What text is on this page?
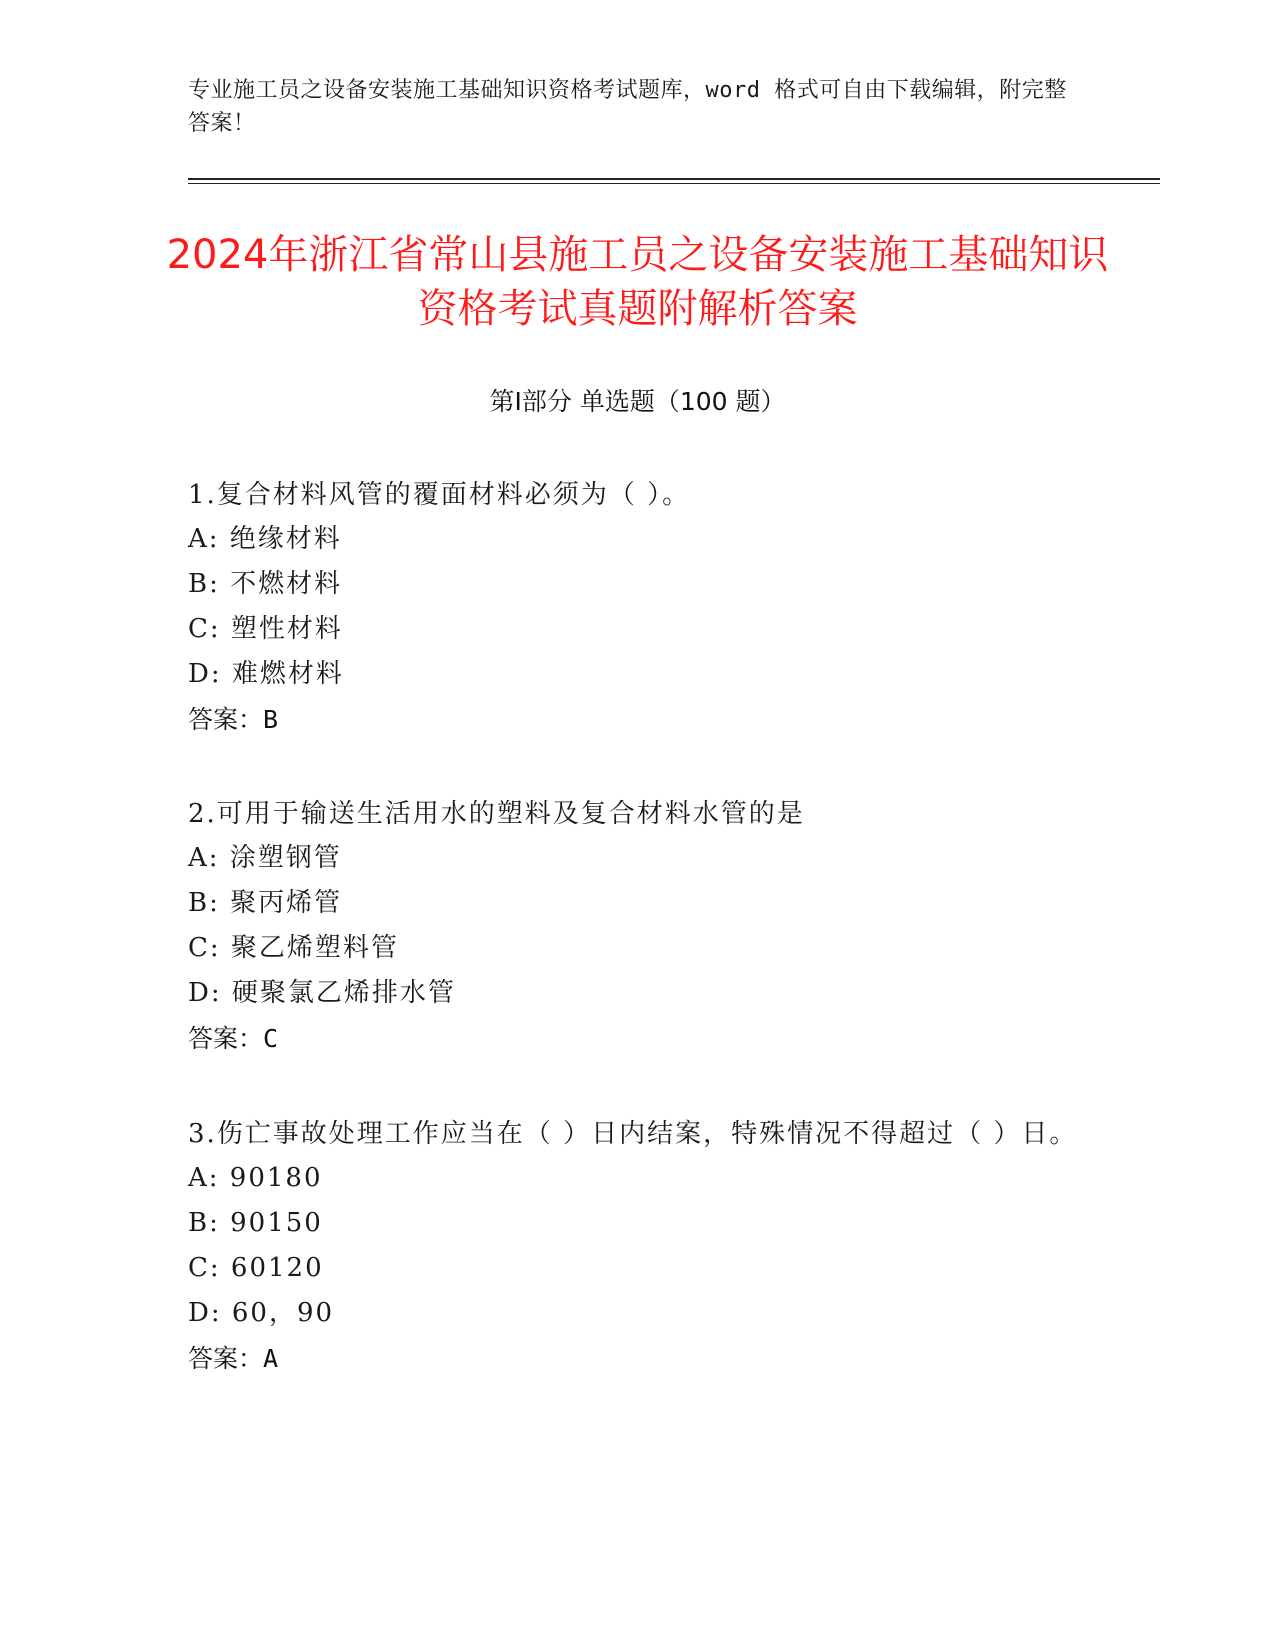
专业施工员之设备安装施工基础知识资格考试题库，word 格式可自由下载编辑，附完整答案！
2024年浙江省常山县施工员之设备安装施工基础知识资格考试真题附解析答案
第Ⅰ部分 单选题（100 题）
1.复合材料风管的覆面材料必须为（ ）。
A: 绝缘材料
B: 不燃材料
C: 塑性材料
D: 难燃材料
答案：B
2.可用于输送生活用水的塑料及复合材料水管的是
A: 涂塑钢管
B: 聚丙烯管
C: 聚乙烯塑料管
D: 硬聚氯乙烯排水管
答案：C
3.伤亡事故处理工作应当在（ ）日内结案，特殊情况不得超过（ ）日。
A: 90180
B: 90150
C: 60120
D: 60，90
答案：A
